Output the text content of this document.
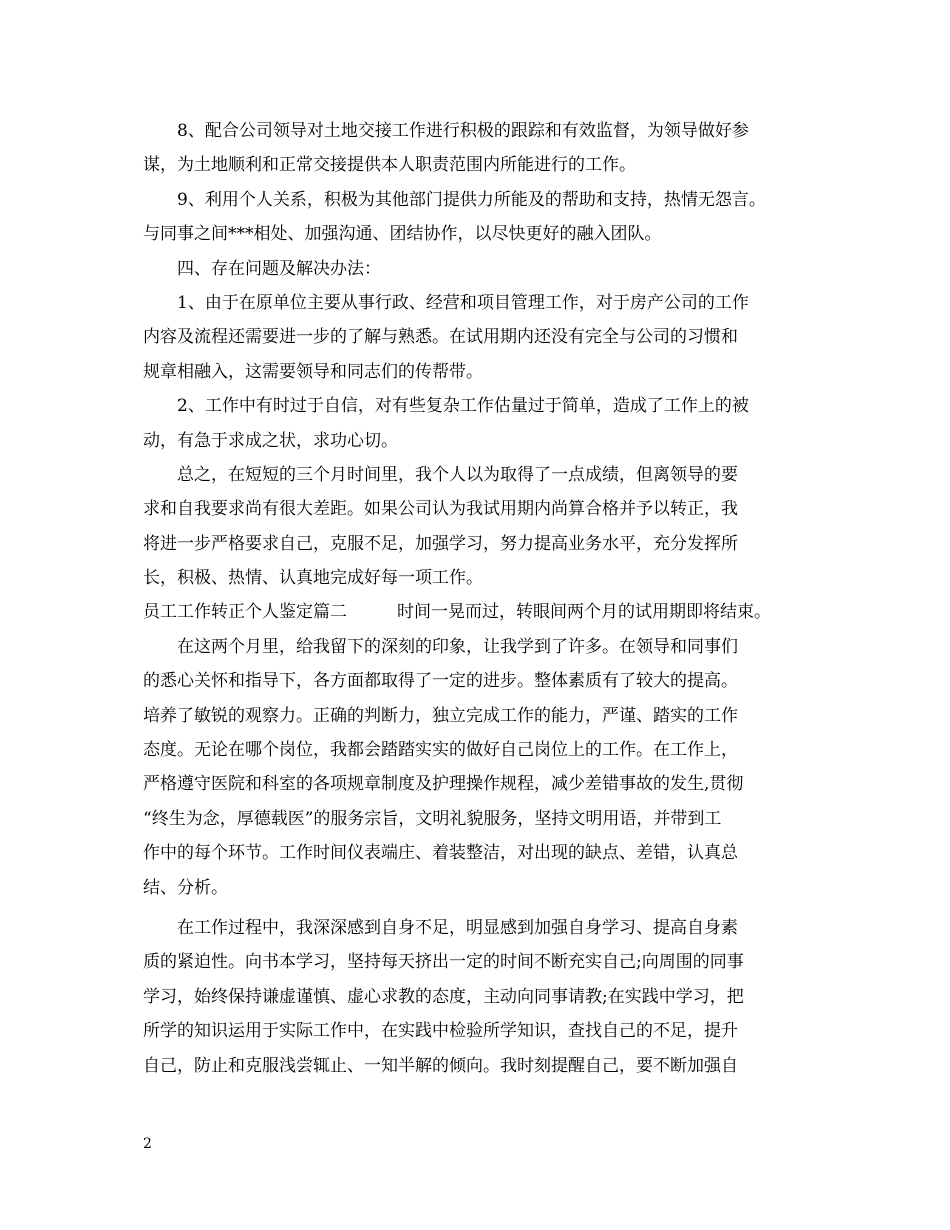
8、配合公司领导对土地交接工作进行积极的跟踪和有效监督，为领导做好参
谋，为土地顺利和正常交接提供本人职责范围内所能进行的工作。
9、利用个人关系，积极为其他部门提供力所能及的帮助和支持，热情无怨言。
与同事之间***相处、加强沟通、团结协作，以尽快更好的融入团队。
四、存在问题及解决办法：
1、由于在原单位主要从事行政、经营和项目管理工作，对于房产公司的工作
内容及流程还需要进一步的了解与熟悉。在试用期内还没有完全与公司的习惯和
规章相融入，这需要领导和同志们的传帮带。
2、工作中有时过于自信，对有些复杂工作估量过于简单，造成了工作上的被
动，有急于求成之状，求功心切。
总之，在短短的三个月时间里，我个人以为取得了一点成绩，但离领导的要
求和自我要求尚有很大差距。如果公司认为我试用期内尚算合格并予以转正，我
将进一步严格要求自己，克服不足，加强学习，努力提高业务水平，充分发挥所
长，积极、热情、认真地完成好每一项工作。
员工工作转正个人鉴定篇二	时间一晃而过，转眼间两个月的试用期即将结束。
在这两个月里，给我留下的深刻的印象，让我学到了许多。在领导和同事们
的悉心关怀和指导下，各方面都取得了一定的进步。整体素质有了较大的提高。
培养了敏锐的观察力。正确的判断力，独立完成工作的能力，严谨、踏实的工作
态度。无论在哪个岗位，我都会踏踏实实的做好自己岗位上的工作。在工作上，
严格遵守医院和科室的各项规章制度及护理操作规程，减少差错事故的发生,贯彻
“终生为念，厚德载医”的服务宗旨，文明礼貌服务，坚持文明用语，并带到工
作中的每个环节。工作时间仪表端庄、着装整洁，对出现的缺点、差错，认真总
结、分析。
在工作过程中，我深深感到自身不足，明显感到加强自身学习、提高自身素
质的紧迫性。向书本学习，坚持每天挤出一定的时间不断充实自己;向周围的同事
学习，始终保持谦虚谨慎、虚心求教的态度，主动向同事请教;在实践中学习，把
所学的知识运用于实际工作中，在实践中检验所学知识，查找自己的不足，提升
自己，防止和克服浅尝辄止、一知半解的倾向。我时刻提醒自己，要不断加强自
2
